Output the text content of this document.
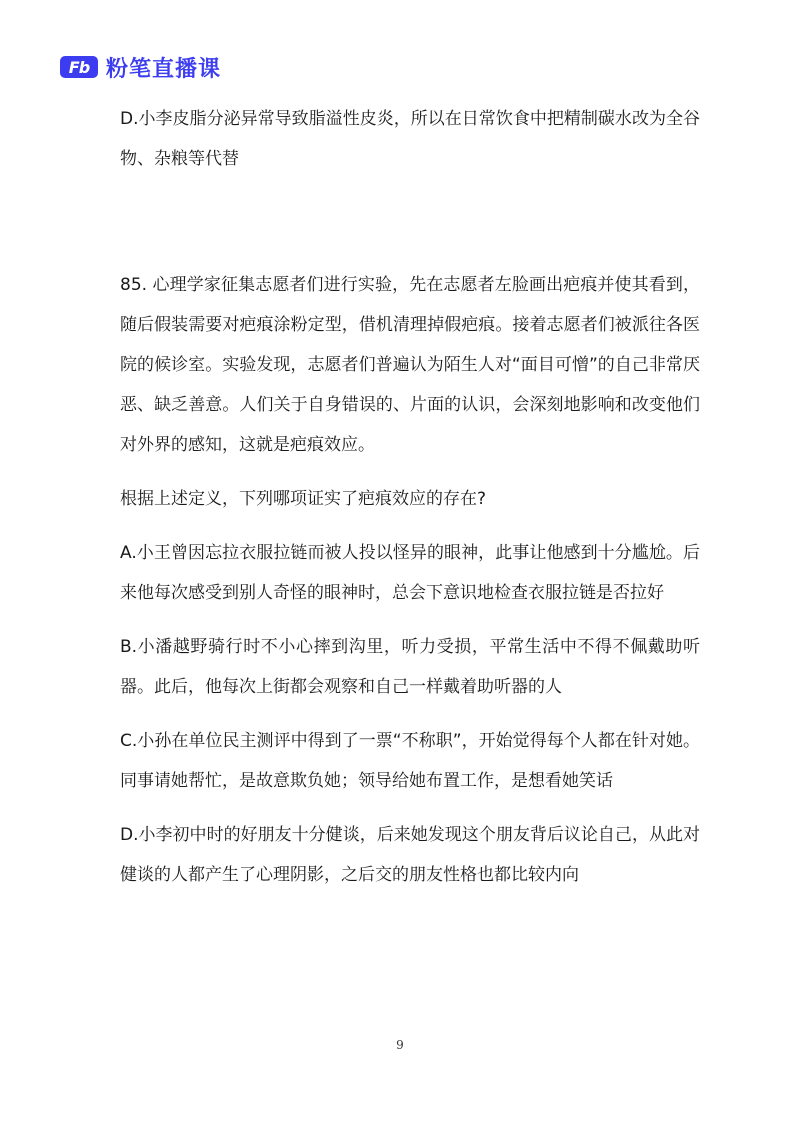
Fb 粉笔直播课

D.小李皮脂分泌异常导致脂溢性皮炎，所以在日常饮食中把精制碳水改为全谷物、杂粮等代替

85. 心理学家征集志愿者们进行实验，先在志愿者左脸画出疤痕并使其看到，随后假装需要对疤痕涂粉定型，借机清理掉假疤痕。接着志愿者们被派往各医院的候诊室。实验发现，志愿者们普遍认为陌生人对“面目可憎”的自己非常厌恶、缺乏善意。人们关于自身错误的、片面的认识，会深刻地影响和改变他们对外界的感知，这就是疤痕效应。

根据上述定义，下列哪项证实了疤痕效应的存在?

A.小王曾因忘拉衣服拉链而被人投以怪异的眼神，此事让他感到十分尴尬。后来他每次感受到别人奇怪的眼神时，总会下意识地检查衣服拉链是否拉好

B.小潘越野骑行时不小心摔到沟里，听力受损，平常生活中不得不佩戴助听器。此后，他每次上街都会观察和自己一样戴着助听器的人

C.小孙在单位民主测评中得到了一票“不称职”，开始觉得每个人都在针对她。同事请她帮忙，是故意欺负她；领导给她布置工作，是想看她笑话

D.小李初中时的好朋友十分健谈，后来她发现这个朋友背后议论自己，从此对健谈的人都产生了心理阴影，之后交的朋友性格也都比较内向

9
